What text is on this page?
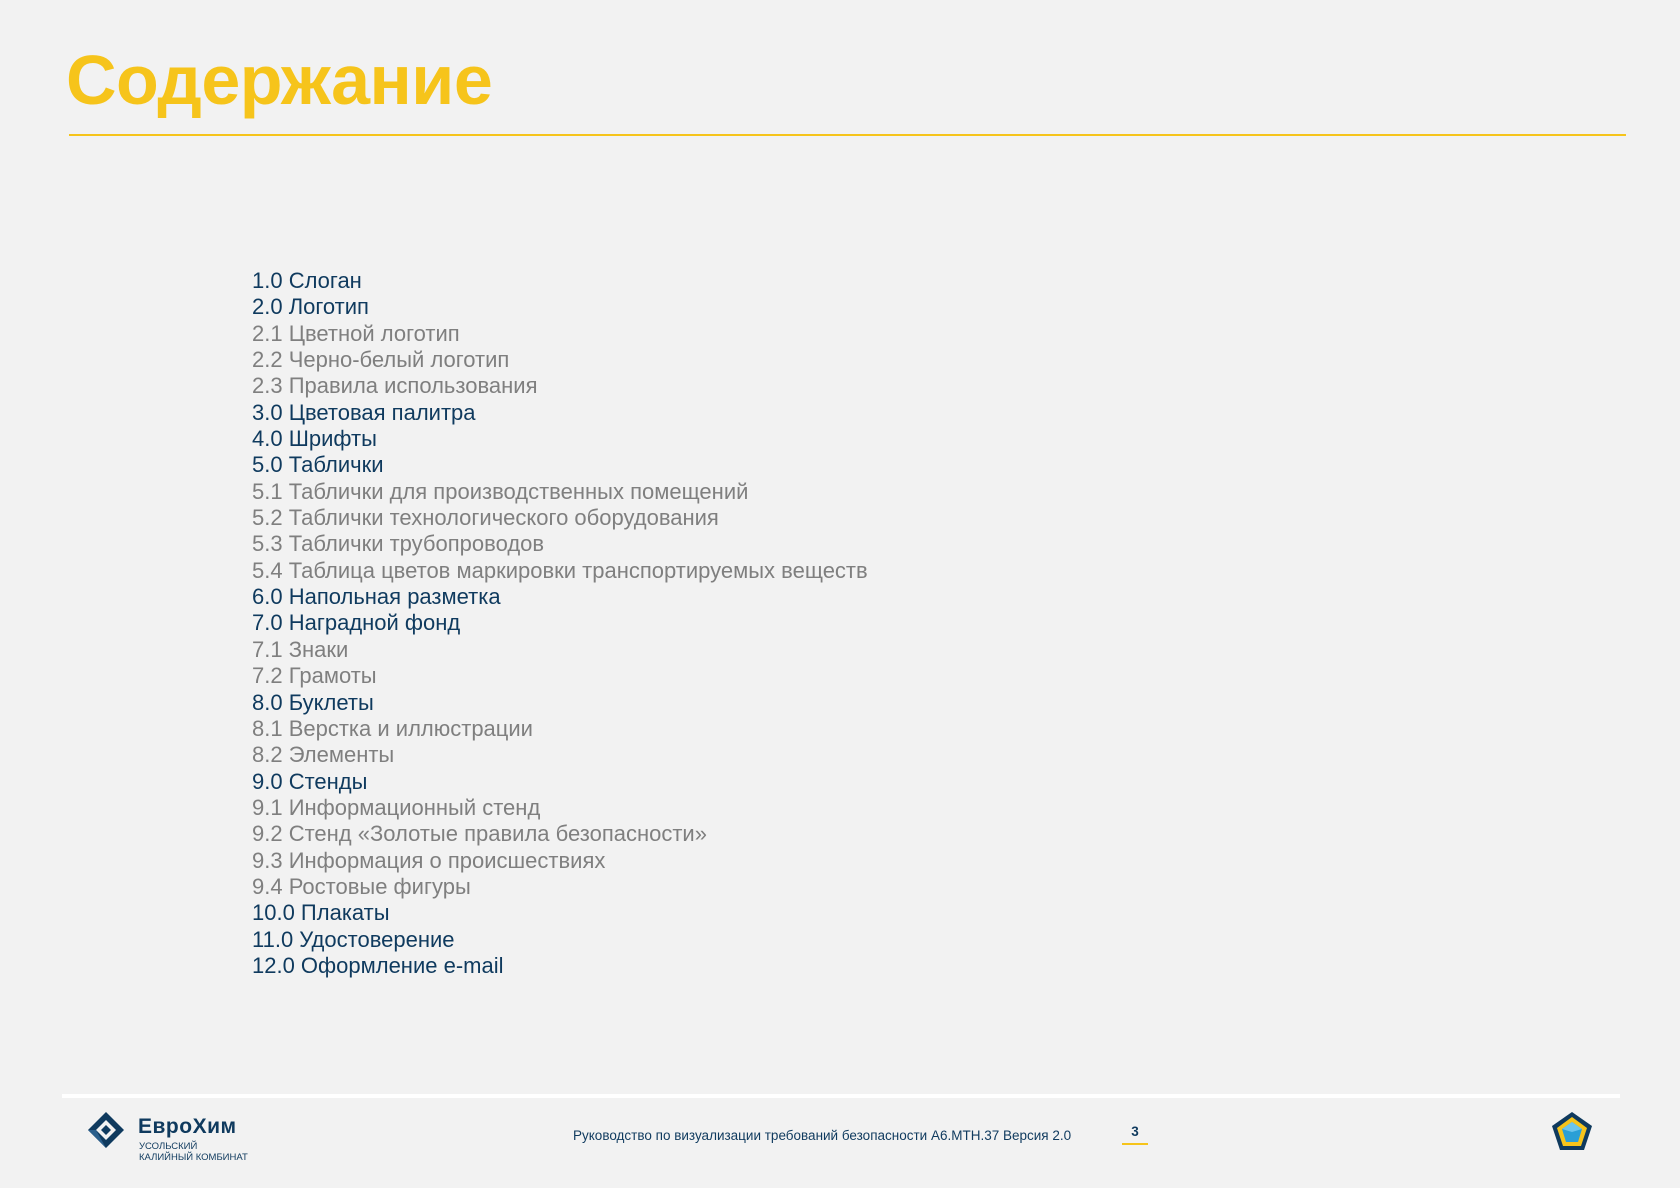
Содержание
1.0 Слоган
2.0 Логотип
2.1 Цветной логотип
2.2 Черно-белый логотип
2.3 Правила использования
3.0 Цветовая палитра
4.0 Шрифты
5.0 Таблички
5.1 Таблички для производственных помещений
5.2 Таблички технологического оборудования
5.3 Таблички трубопроводов
5.4 Таблица цветов маркировки транспортируемых веществ
6.0 Напольная разметка
7.0 Наградной фонд
7.1 Знаки
7.2 Грамоты
8.0 Буклеты
8.1 Верстка и иллюстрации
8.2 Элементы
9.0 Стенды
9.1 Информационный стенд
9.2 Стенд «Золотые правила безопасности»
9.3 Информация о происшествиях
9.4 Ростовые фигуры
10.0 Плакаты
11.0 Удостоверение
12.0 Оформление e-mail
ЕвроХим
УСОЛЬСКИЙ
КАЛИЙНЫЙ КОМБИНАТ
Руководство по визуализации требований безопасности А6.МТН.37 Версия 2.0	3
